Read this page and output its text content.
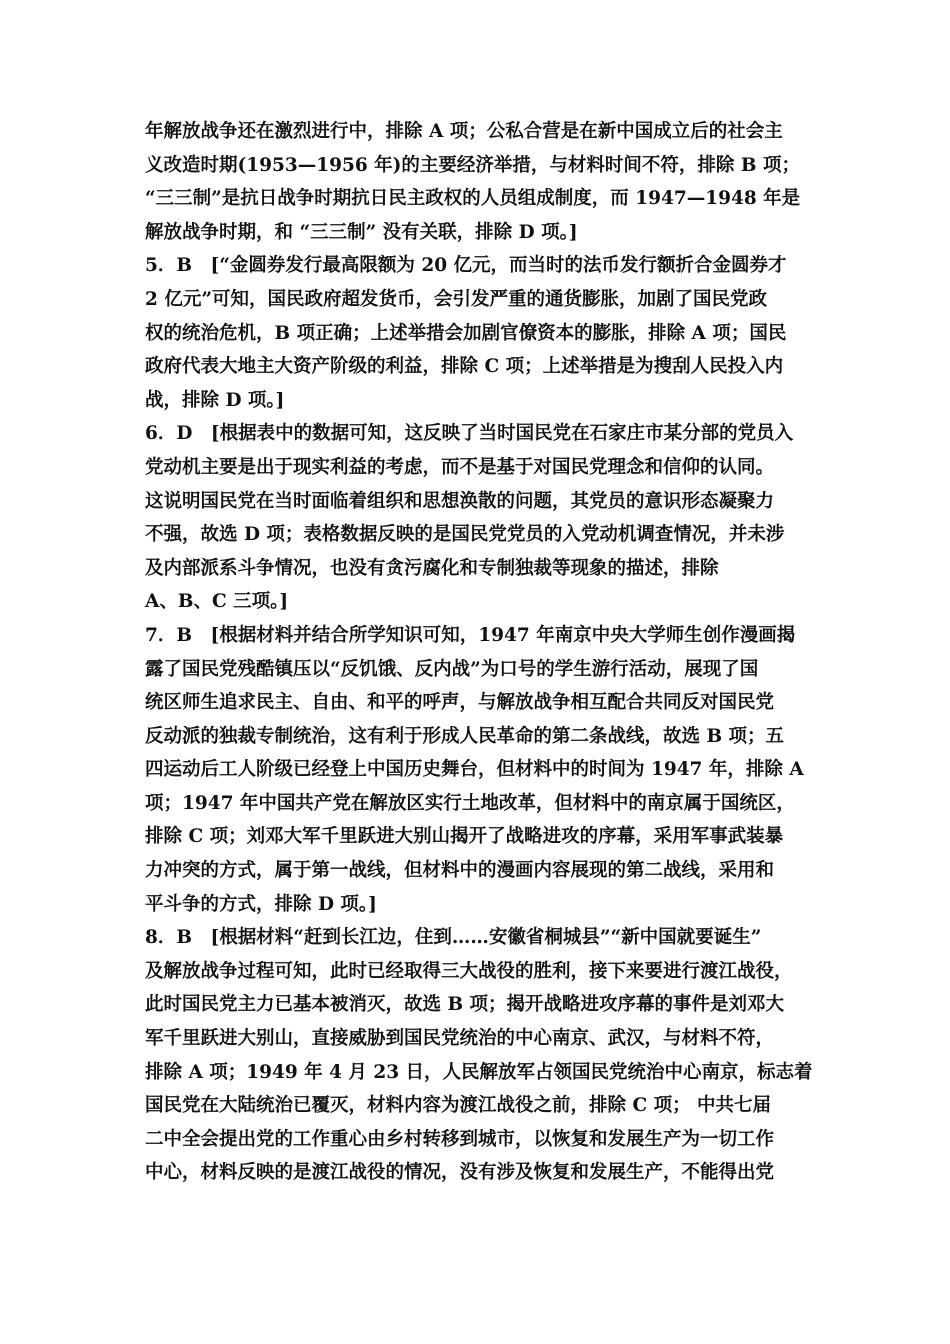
年解放战争还在激烈进行中，排除 A 项；公私合营是在新中国成立后的社会主
义改造时期(1953—1956 年)的主要经济举措，与材料时间不符，排除 B 项；
“三三制”是抗日战争时期抗日民主政权的人员组成制度，而 1947—1948 年是
解放战争时期，和 “三三制” 没有关联，排除 D 项。]
5．B　[“金圆券发行最高限额为 20 亿元，而当时的法币发行额折合金圆券才
2 亿元”可知，国民政府超发货币，会引发严重的通货膨胀，加剧了国民党政
权的统治危机，B 项正确；上述举措会加剧官僚资本的膨胀，排除 A 项；国民
政府代表大地主大资产阶级的利益，排除 C 项；上述举措是为搜刮人民投入内
战，排除 D 项。]
6．D　[根据表中的数据可知，这反映了当时国民党在石家庄市某分部的党员入
党动机主要是出于现实利益的考虑，而不是基于对国民党理念和信仰的认同。
这说明国民党在当时面临着组织和思想涣散的问题，其党员的意识形态凝聚力
不强，故选 D 项；表格数据反映的是国民党党员的入党动机调查情况，并未涉
及内部派系斗争情况，也没有贪污腐化和专制独裁等现象的描述，排除
A、B、C 三项。]
7．B　[根据材料并结合所学知识可知，1947 年南京中央大学师生创作漫画揭
露了国民党残酷镇压以“反饥饿、反内战”为口号的学生游行活动，展现了国
统区师生追求民主、自由、和平的呼声，与解放战争相互配合共同反对国民党
反动派的独裁专制统治，这有利于形成人民革命的第二条战线，故选 B 项；五
四运动后工人阶级已经登上中国历史舞台，但材料中的时间为 1947 年，排除 A
项；1947 年中国共产党在解放区实行土地改革，但材料中的南京属于国统区，
排除 C 项；刘邓大军千里跃进大别山揭开了战略进攻的序幕，采用军事武装暴
力冲突的方式，属于第一战线，但材料中的漫画内容展现的第二战线，采用和
平斗争的方式，排除 D 项。]
8．B　[根据材料“赶到长江边，住到……安徽省桐城县”“新中国就要诞生”
及解放战争过程可知，此时已经取得三大战役的胜利，接下来要进行渡江战役，
此时国民党主力已基本被消灭，故选 B 项；揭开战略进攻序幕的事件是刘邓大
军千里跃进大别山，直接威胁到国民党统治的中心南京、武汉，与材料不符，
排除 A 项；1949 年 4 月 23 日，人民解放军占领国民党统治中心南京，标志着
国民党在大陆统治已覆灭，材料内容为渡江战役之前，排除 C 项； 中共七届
二中全会提出党的工作重心由乡村转移到城市，以恢复和发展生产为一切工作
中心，材料反映的是渡江战役的情况，没有涉及恢复和发展生产，不能得出党
